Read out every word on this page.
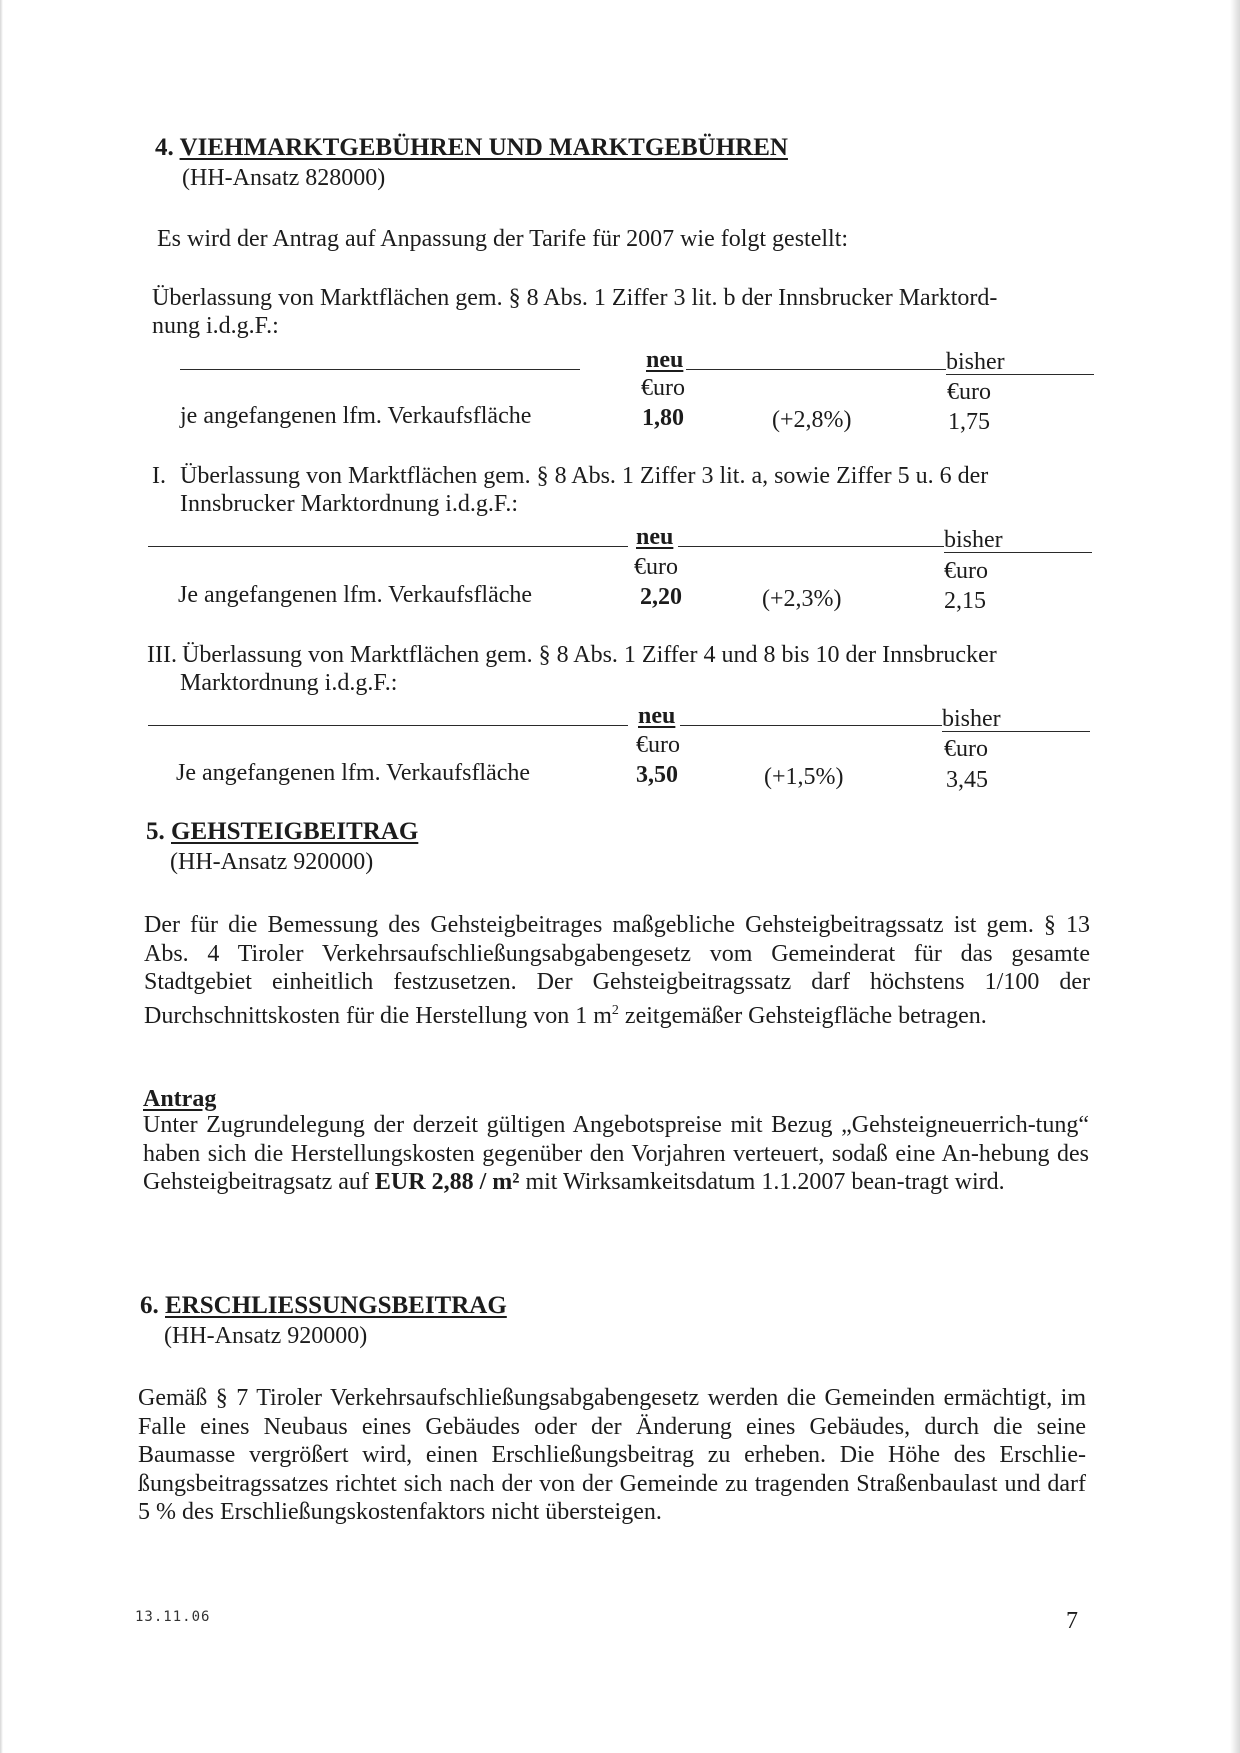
4. VIEHMARKTGEBÜHREN UND MARKTGEBÜHREN
(HH-Ansatz 828000)
Es wird der Antrag auf Anpassung der Tarife für 2007 wie folgt gestellt:
Überlassung von Marktflächen gem. § 8 Abs. 1 Ziffer 3 lit. b der Innsbrucker Marktord-
nung i.d.g.F.:
neu	bisher
€uro	€uro
je angefangenen lfm. Verkaufsfläche	1,80	(+2,8%)	1,75
I. Überlassung von Marktflächen gem. § 8 Abs. 1 Ziffer 3 lit. a, sowie Ziffer 5 u. 6 der
Innsbrucker Marktordnung i.d.g.F.:
neu	bisher
€uro	€uro
Je angefangenen lfm. Verkaufsfläche	2,20	(+2,3%)	2,15
III. Überlassung von Marktflächen gem. § 8 Abs. 1 Ziffer 4 und 8 bis 10 der Innsbrucker
Marktordnung i.d.g.F.:
neu	bisher
€uro	€uro
Je angefangenen lfm. Verkaufsfläche	3,50	(+1,5%)	3,45
5. GEHSTEIGBEITRAG
(HH-Ansatz 920000)
Der für die Bemessung des Gehsteigbeitrages maßgebliche Gehsteigbeitragssatz ist gem. § 13 Abs. 4 Tiroler Verkehrsaufschließungsabgabengesetz vom Gemeinderat für das gesamte Stadtgebiet einheitlich festzusetzen. Der Gehsteigbeitragssatz darf höchstens 1/100 der Durchschnittskosten für die Herstellung von 1 $m^2$ zeitgemäßer Gehsteigfläche betragen.
Antrag
Unter Zugrundelegung der derzeit gültigen Angebotspreise mit Bezug „Gehsteigneuerrich-tung“ haben sich die Herstellungskosten gegenüber den Vorjahren verteuert, sodaß eine An-hebung des Gehsteigbeitragsatz auf EUR 2,88 / m² mit Wirksamkeitsdatum 1.1.2007 bean-tragt wird.
6. ERSCHLIESSUNGSBEITRAG
(HH-Ansatz 920000)
Gemäß § 7 Tiroler Verkehrsaufschließungsabgabengesetz werden die Gemeinden ermächtigt, im Falle eines Neubaus eines Gebäudes oder der Änderung eines Gebäudes, durch die seine Baumasse vergrößert wird, einen Erschließungsbeitrag zu erheben. Die Höhe des Erschlie-ßungsbeitragssatzes richtet sich nach der von der Gemeinde zu tragenden Straßenbaulast und darf 5 % des Erschließungskostenfaktors nicht übersteigen.
13.11.06	7
